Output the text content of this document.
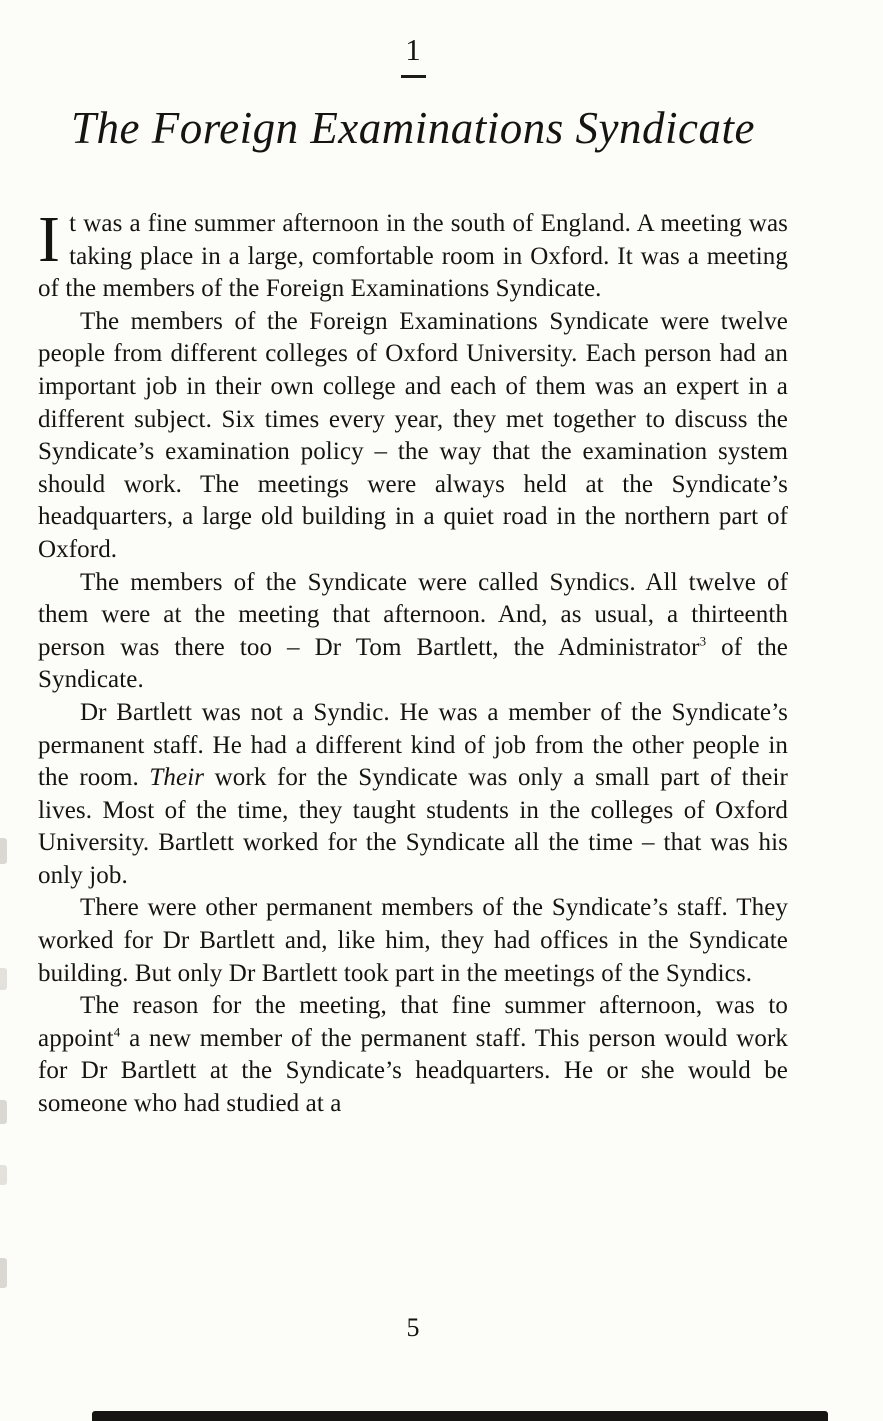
1
The Foreign Examinations Syndicate

It was a fine summer afternoon in the south of England. A meeting was taking place in a large, comfortable room in Oxford. It was a meeting of the members of the Foreign Examinations Syndicate.

The members of the Foreign Examinations Syndicate were twelve people from different colleges of Oxford University. Each person had an important job in their own college and each of them was an expert in a different subject. Six times every year, they met together to discuss the Syndicate’s examination policy – the way that the examination system should work. The meetings were always held at the Syndicate’s headquarters, a large old building in a quiet road in the northern part of Oxford.

The members of the Syndicate were called Syndics. All twelve of them were at the meeting that afternoon. And, as usual, a thirteenth person was there too – Dr Tom Bartlett, the Administrator$^3$ of the Syndicate.

Dr Bartlett was not a Syndic. He was a member of the Syndicate’s permanent staff. He had a different kind of job from the other people in the room. Their work for the Syndicate was only a small part of their lives. Most of the time, they taught students in the colleges of Oxford University. Bartlett worked for the Syndicate all the time – that was his only job.

There were other permanent members of the Syndicate’s staff. They worked for Dr Bartlett and, like him, they had offices in the Syndicate building. But only Dr Bartlett took part in the meetings of the Syndics.

The reason for the meeting, that fine summer afternoon, was to appoint$^4$ a new member of the permanent staff. This person would work for Dr Bartlett at the Syndicate’s headquarters. He or she would be someone who had studied at a

5
